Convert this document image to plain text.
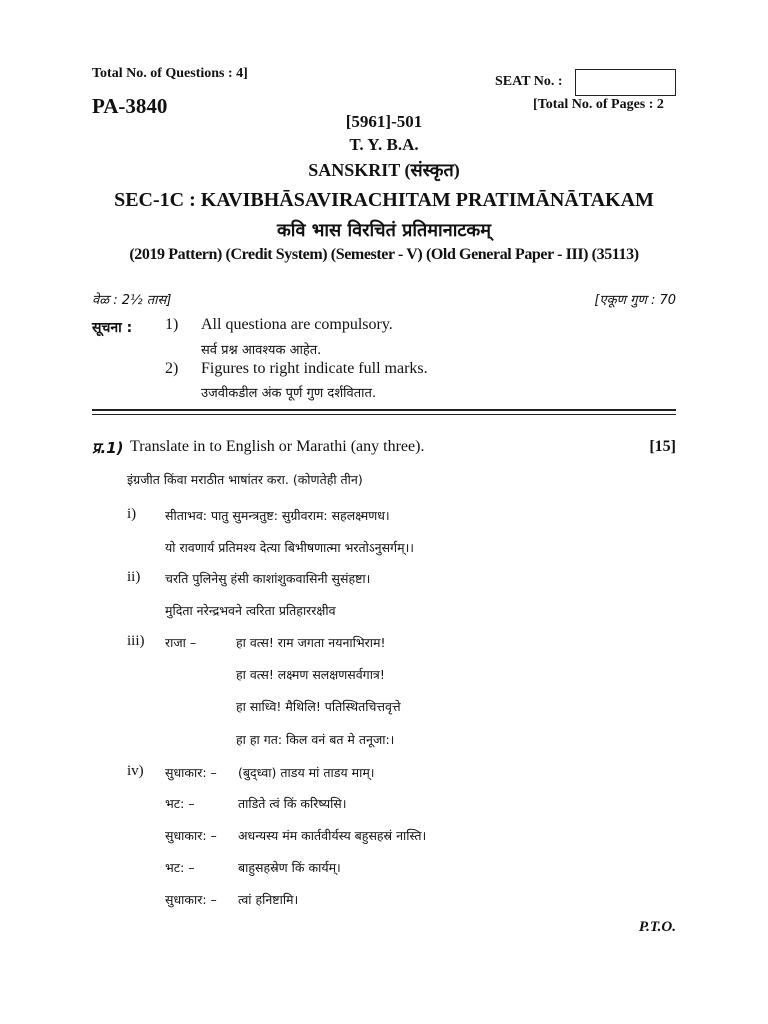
Total No. of Questions : 4]
SEAT No. :
PA-3840	[Total No. of Pages : 2
[5961]-501
T. Y. B.A.
SANSKRIT (संस्कृत)
SEC-1C : KAVIBHĀSAVIRACHITAM PRATIMĀNĀTAKAM
कवि भास विरचितं प्रतिमानाटकम्
(2019 Pattern) (Credit System) (Semester - V) (Old General Paper - III) (35113)
वेळ : 2½ तास]	[एकूण गुण : 70
सूचना : 1) All questiona are compulsory.
सर्व प्रश्न आवश्यक आहेत.
2) Figures to right indicate full marks.
उजवीकडील अंक पूर्ण गुण दर्शवितात.
प्र.1) Translate in to English or Marathi (any three).	[15]
इंग्रजीत किंवा मराठीत भाषांतर करा. (कोणतेही तीन)
i) सीताभव: पातु सुमन्त्रतुष्ट: सुग्रीवराम: सहलक्ष्मणध।
यो रावणार्य प्रतिमश्य देत्या बिभीषणात्मा भरतोऽनुसर्गम्।।
ii) चरति पुलिनेसु हंसी काशांशुकवासिनी सुसंहष्टा।
मुदिता नरेन्द्रभवने त्वरिता प्रतिहाररक्षीव
iii) राजा –	हा वत्स! राम जगता नयनाभिराम!
हा वत्स! लक्ष्मण सलक्षणसर्वगात्र!
हा साध्वि! मैथिलि! पतिस्थितचित्तवृत्ते
हा हा गत: किल वनं बत मे तनूजा:।
iv) सुधाकार: – (बुद्ध्वा) ताडय मां ताडय माम्।
भट: –	ताडिते त्वं किं करिष्यसि।
सुधाकार: – अधन्यस्य मंम कार्तवीर्यस्य बहुसहस्रं नास्ति।
भट: –	बाहुसहस्रेण किं कार्यम्।
सुधाकार: – त्वां हनिष्टामि।
P.T.O.
